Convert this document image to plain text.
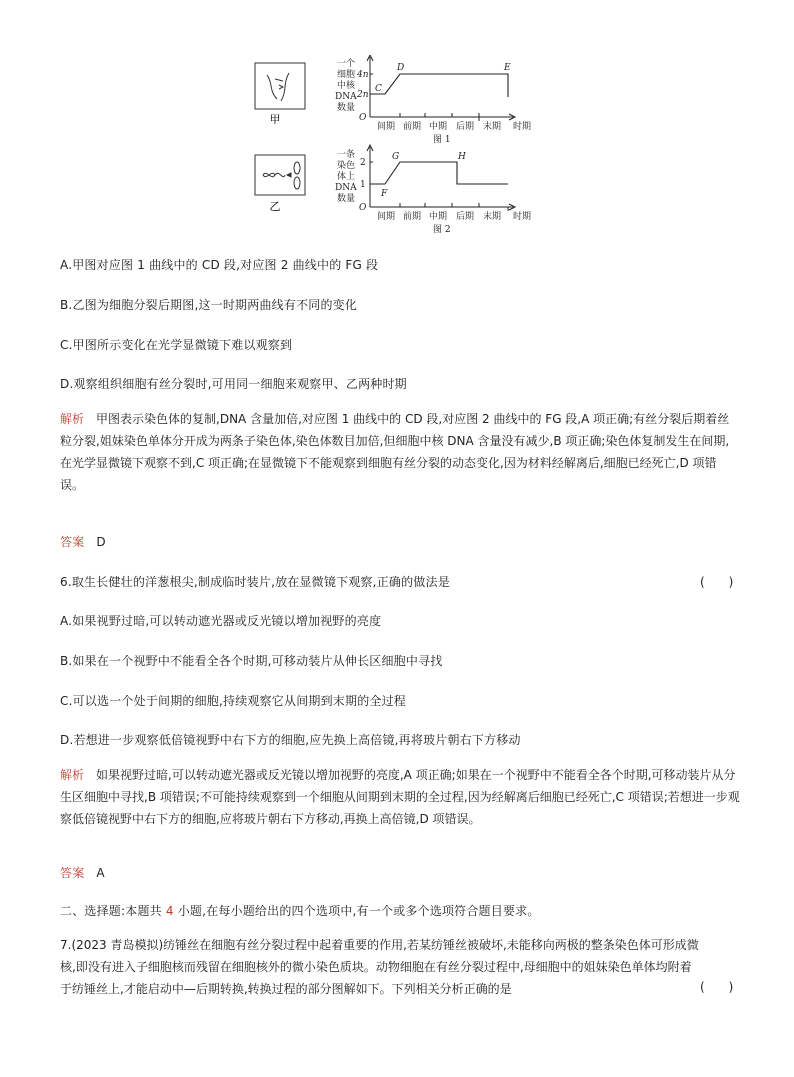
甲
一个
细胞
中核
DNA
数量
4n
2n
O
C
D	E
间期 前期 中期 后期 末期 时期
图 1
乙
一条
染色
体上
DNA
数量
2
1
O
G	H
F
间期 前期 中期 后期 末期 时期
图 2
A.甲图对应图 1 曲线中的 CD 段,对应图 2 曲线中的 FG 段
B.乙图为细胞分裂后期图,这一时期两曲线有不同的变化
C.甲图所示变化在光学显微镜下难以观察到
D.观察组织细胞有丝分裂时,可用同一细胞来观察甲、乙两种时期
解析 甲图表示染色体的复制,DNA 含量加倍,对应图 1 曲线中的 CD 段,对应图 2 曲线中的 FG 段,A 项正确;有丝分裂后期着丝粒分裂,姐妹染色单体分开成为两条子染色体,染色体数目加倍,但细胞中核 DNA 含量没有减少,B 项正确;染色体复制发生在间期,在光学显微镜下观察不到,C 项正确;在显微镜下不能观察到细胞有丝分裂的动态变化,因为材料经解离后,细胞已经死亡,D 项错误。
答案 D
6.取生长健壮的洋葱根尖,制成临时装片,放在显微镜下观察,正确的做法是	(　　)
A.如果视野过暗,可以转动遮光器或反光镜以增加视野的亮度
B.如果在一个视野中不能看全各个时期,可移动装片从伸长区细胞中寻找
C.可以选一个处于间期的细胞,持续观察它从间期到末期的全过程
D.若想进一步观察低倍镜视野中右下方的细胞,应先换上高倍镜,再将玻片朝右下方移动
解析 如果视野过暗,可以转动遮光器或反光镜以增加视野的亮度,A 项正确;如果在一个视野中不能看全各个时期,可移动装片从分生区细胞中寻找,B 项错误;不可能持续观察到一个细胞从间期到末期的全过程,因为经解离后细胞已经死亡,C 项错误;若想进一步观察低倍镜视野中右下方的细胞,应将玻片朝右下方移动,再换上高倍镜,D 项错误。
答案 A
二、选择题:本题共 4 小题,在每小题给出的四个选项中,有一个或多个选项符合题目要求。
7.(2023 青岛模拟)纺锤丝在细胞有丝分裂过程中起着重要的作用,若某纺锤丝被破坏,未能移向两极的整条染色体可形成微核,即没有进入子细胞核而残留在细胞核外的微小染色质块。动物细胞在有丝分裂过程中,母细胞中的姐妹染色单体均附着于纺锤丝上,才能启动中—后期转换,转换过程的部分图解如下。下列相关分析正确的是	(　　)
